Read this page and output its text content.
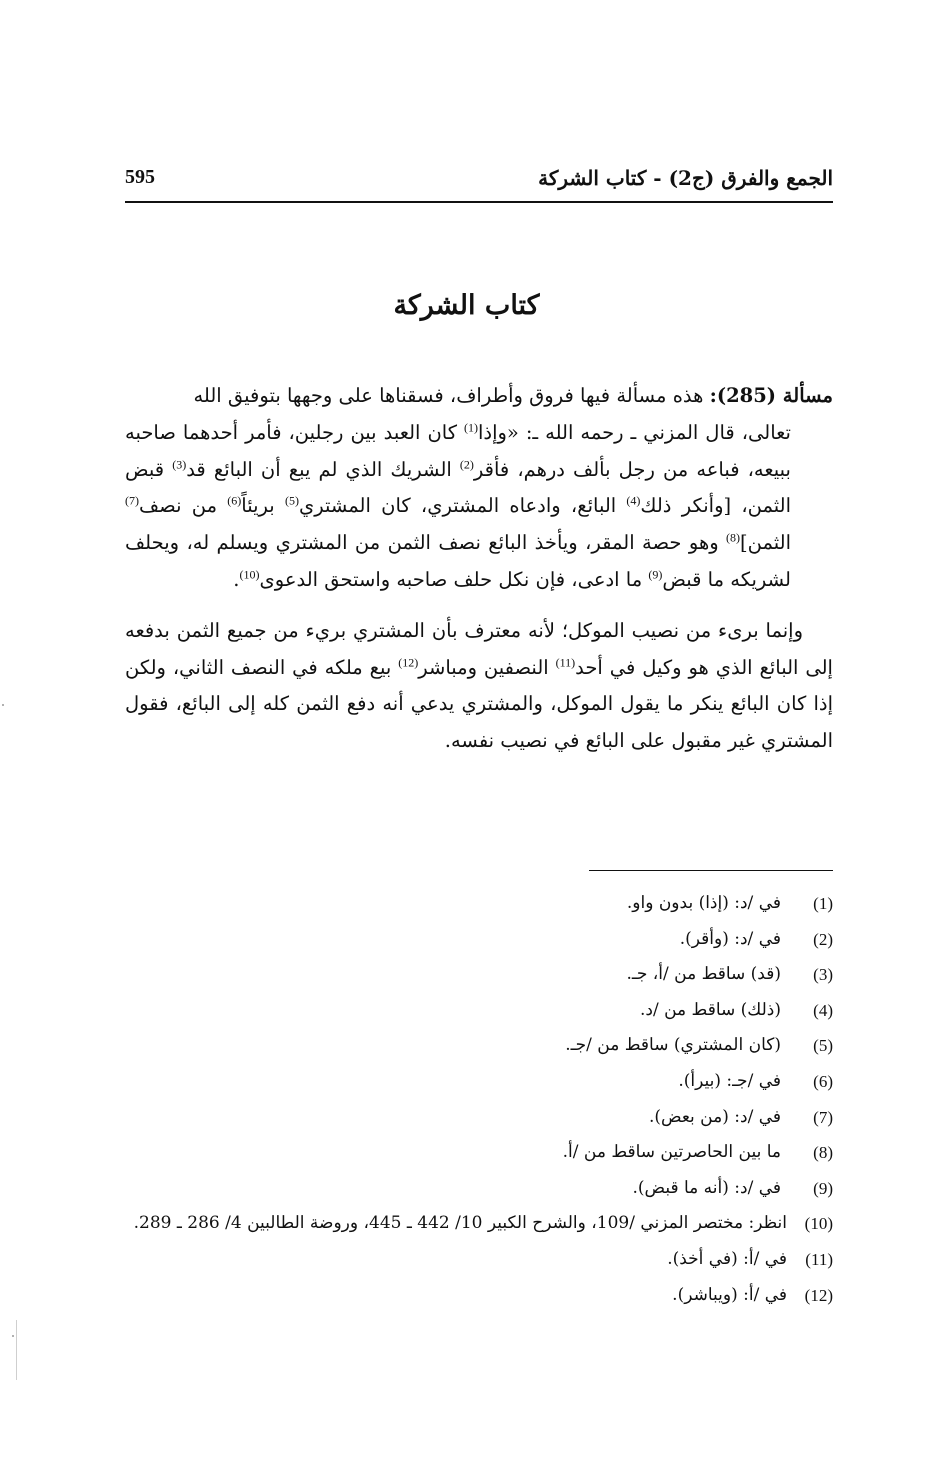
الجمع والفرق (ج2) - كتاب الشركة
595
كتاب الشركة

مسألة (285): هذه مسألة فيها فروق وأطراف، فسقناها على وجهها بتوفيق الله
تعالى، قال المزني ـ رحمه الله ـ: «وإذا$^{(1)}$ كان العبد بين رجلين، فأمر أحدهما صاحبه ببيعه، فباعه من رجل بألف درهم، فأقر$^{(2)}$ الشريك الذي لم يبع أن البائع قد$^{(3)}$ قبض الثمن، [وأنكر ذلك$^{(4)}$ البائع، وادعاه المشتري، كان المشتري$^{(5)}$ بريئاً$^{(6)}$ من نصف$^{(7)}$ الثمن]$^{(8)}$ وهو حصة المقر، ويأخذ البائع نصف الثمن من المشتري ويسلم له، ويحلف لشريكه ما قبض$^{(9)}$ ما ادعى، فإن نكل حلف صاحبه واستحق الدعوى$^{(10)}$.

وإنما برىء من نصيب الموكل؛ لأنه معترف بأن المشتري بريء من جميع الثمن بدفعه إلى البائع الذي هو وكيل في أحد$^{(11)}$ النصفين ومباشر$^{(12)}$ بيع ملكه في النصف الثاني، ولكن إذا كان البائع ينكر ما يقول الموكل، والمشتري يدعي أنه دفع الثمن كله إلى البائع، فقول المشتري غير مقبول على البائع في نصيب نفسه.

(1)
في /د: (إذا) بدون واو.
(2)
في /د: (وأقر).
(3)
(قد) ساقط من /أ، جـ.
(4)
(ذلك) ساقط من /د.
(5)
(كان المشتري) ساقط من /جـ.
(6)
في /جـ: (بيرأ).
(7)
في /د: (من بعض).
(8)
ما بين الحاصرتين ساقط من /أ.
(9)
في /د: (أنه ما قبض).
(10)
انظر: مختصر المزني /109، والشرح الكبير 10/ 442 ـ 445، وروضة الطالبين 4/ 286 ـ 289.
(11)
في /أ: (في أخذ).
(12)
في /أ: (ويباشر).
